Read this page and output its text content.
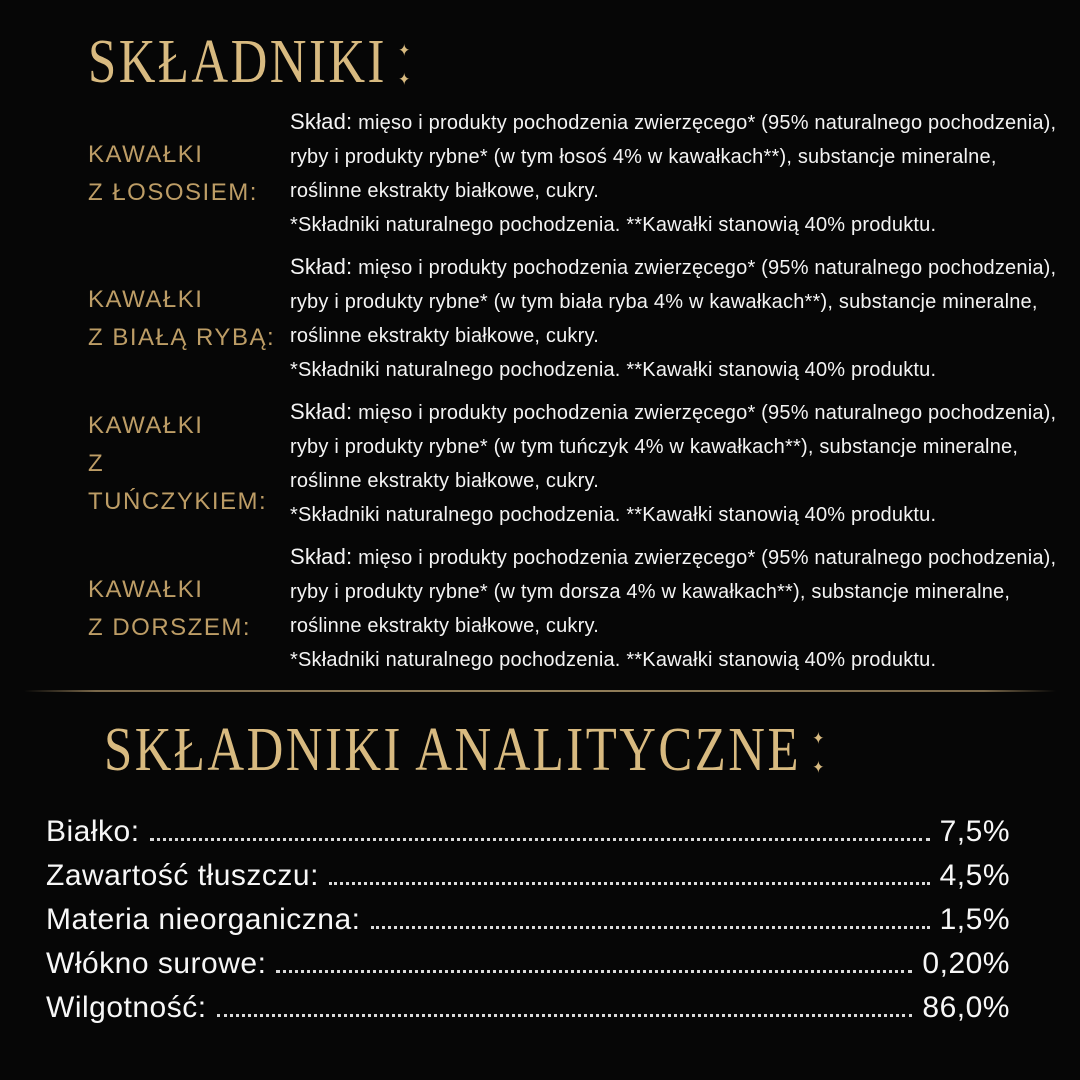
SKŁADNIKI ✦
✦
KAWAŁKI
Z ŁOSOSIEM:

Skład: mięso i produkty pochodzenia zwierzęcego* (95% naturalnego pochodzenia), ryby i produkty rybne* (w tym łosoś 4% w kawałkach**), substancje mineralne, roślinne ekstrakty białkowe, cukry.

*Składniki naturalnego pochodzenia. **Kawałki stanowią 40% produktu.

KAWAŁKI
Z BIAŁĄ RYBĄ:

Skład: mięso i produkty pochodzenia zwierzęcego* (95% naturalnego pochodzenia), ryby i produkty rybne* (w tym biała ryba 4% w kawałkach**), substancje mineralne, roślinne ekstrakty białkowe, cukry.

*Składniki naturalnego pochodzenia. **Kawałki stanowią 40% produktu.

KAWAŁKI
Z TUŃCZYKIEM:

Skład: mięso i produkty pochodzenia zwierzęcego* (95% naturalnego pochodzenia), ryby i produkty rybne* (w tym tuńczyk 4% w kawałkach**), substancje mineralne, roślinne ekstrakty białkowe, cukry.

*Składniki naturalnego pochodzenia. **Kawałki stanowią 40% produktu.

KAWAŁKI
Z DORSZEM:

Skład: mięso i produkty pochodzenia zwierzęcego* (95% naturalnego pochodzenia), ryby i produkty rybne* (w tym dorsza 4% w kawałkach**), substancje mineralne, roślinne ekstrakty białkowe, cukry.

*Składniki naturalnego pochodzenia. **Kawałki stanowią 40% produktu.

SKŁADNIKI ANALITYCZNE ✦
✦
Białko:	7,5%
Zawartość tłuszczu:	4,5%
Materia nieorganiczna:	1,5%
Włókno surowe:	0,20%
Wilgotność:	86,0%
